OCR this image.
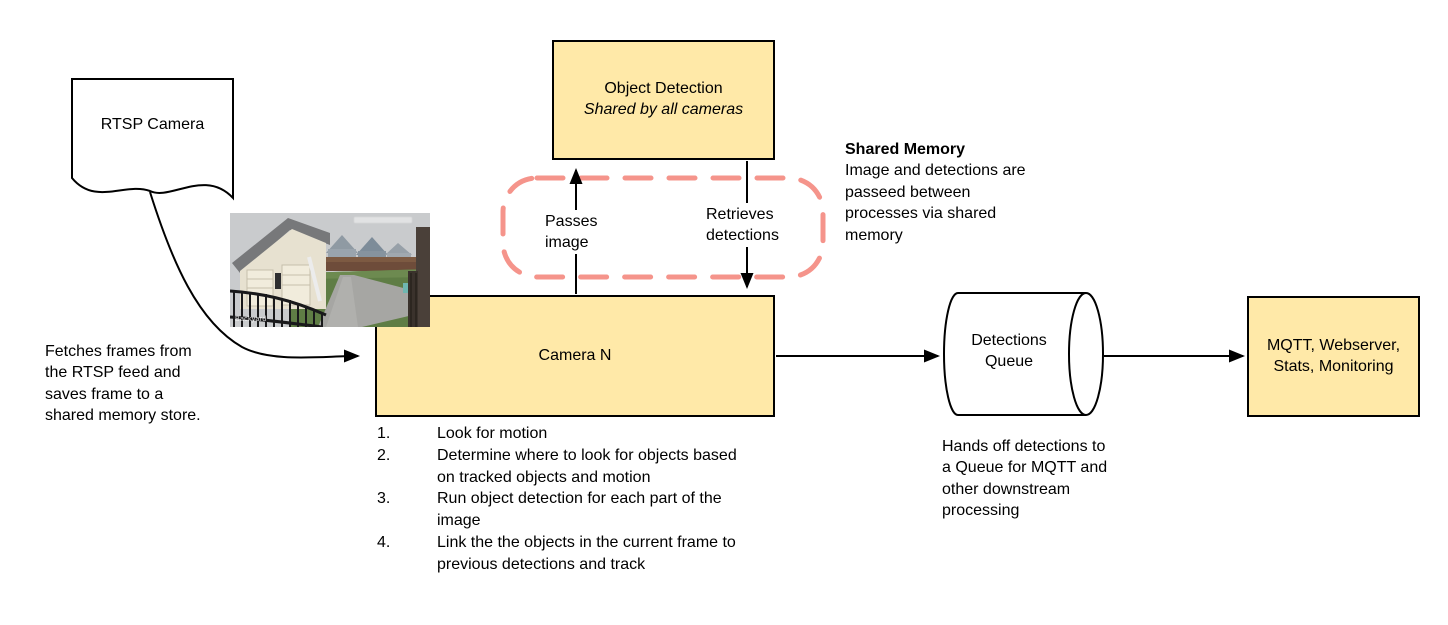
RTSP Camera
Object Detection
Shared by all cameras
Camera N
MQTT, Webserver, Stats, Monitoring
Detections Queue
Passes image
Retrieves detections
Shared Memory
Image and detections are passeed between processes via shared memory
Fetches frames from the RTSP feed and saves frame to a shared memory store.
Hands off detections to a Queue for MQTT and other downstream processing
1.	Look for motion
2.	Determine where to look for objects based on tracked objects and motion
3.	Run object detection for each part of the image
4.	Link the the objects in the current frame to previous detections and track
Backyard
